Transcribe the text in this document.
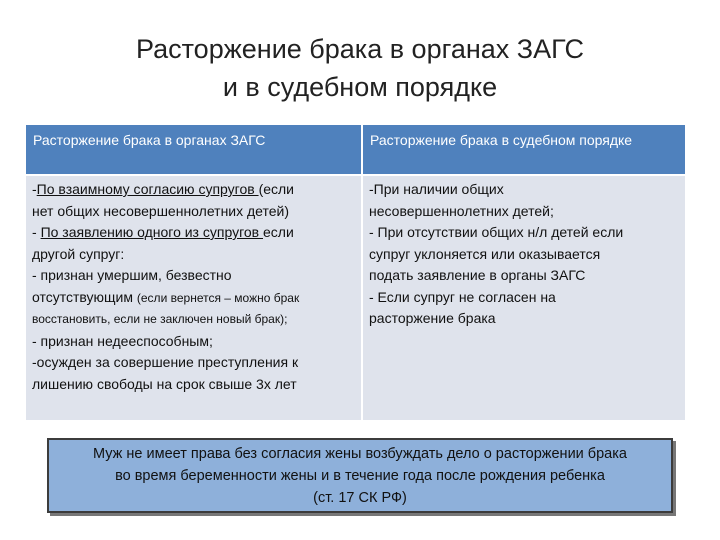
Расторжение брака в органах ЗАГС
и в судебном порядке
Расторжение брака в органах ЗАГС	Расторжение брака в судебном порядке
-По взаимному согласию супругов (если
нет общих несовершеннолетних детей)
- По заявлению одного из супругов если
другой супруг:
- признан умершим, безвестно
отсутствующим (если вернется – можно брак
восстановить, если не заключен новый брак);
- признан недееспособным;
-осужден за совершение преступления к
лишению свободы на срок свыше 3х лет
-При наличии общих
несовершеннолетних детей;
- При отсутствии общих н/л детей если
супруг уклоняется или оказывается
подать заявление в органы ЗАГС
- Если супруг не согласен на
расторжение брака
Муж не имеет права без согласия жены возбуждать дело о расторжении брака
во время беременности жены и в течение года после рождения ребенка
(ст. 17 СК РФ)
